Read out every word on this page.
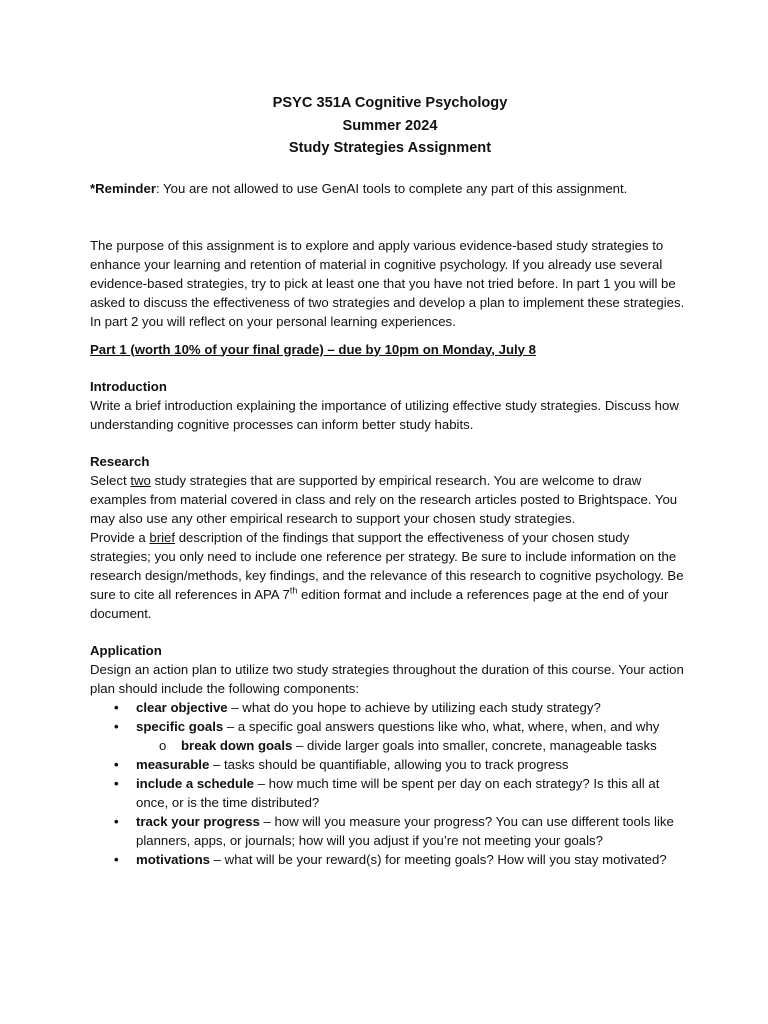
PSYC 351A Cognitive Psychology
Summer 2024
Study Strategies Assignment

*Reminder: You are not allowed to use GenAI tools to complete any part of this assignment.

The purpose of this assignment is to explore and apply various evidence-based study strategies to enhance your learning and retention of material in cognitive psychology. If you already use several evidence-based strategies, try to pick at least one that you have not tried before. In part 1 you will be asked to discuss the effectiveness of two strategies and develop a plan to implement these strategies. In part 2 you will reflect on your personal learning experiences.

Part 1 (worth 10% of your final grade) – due by 10pm on Monday, July 8

Introduction

Write a brief introduction explaining the importance of utilizing effective study strategies. Discuss how understanding cognitive processes can inform better study habits.

Research

Select two study strategies that are supported by empirical research. You are welcome to draw examples from material covered in class and rely on the research articles posted to Brightspace. You may also use any other empirical research to support your chosen study strategies.

Provide a brief description of the findings that support the effectiveness of your chosen study strategies; you only need to include one reference per strategy. Be sure to include information on the research design/methods, key findings, and the relevance of this research to cognitive psychology. Be sure to cite all references in APA 7th edition format and include a references page at the end of your document.

Application

Design an action plan to utilize two study strategies throughout the duration of this course. Your action plan should include the following components:

• clear objective – what do you hope to achieve by utilizing each study strategy?
• specific goals – a specific goal answers questions like who, what, where, when, and why
o break down goals – divide larger goals into smaller, concrete, manageable tasks
• measurable – tasks should be quantifiable, allowing you to track progress
• include a schedule – how much time will be spent per day on each strategy? Is this all at once, or is the time distributed?
• track your progress – how will you measure your progress? You can use different tools like planners, apps, or journals; how will you adjust if you’re not meeting your goals?
• motivations – what will be your reward(s) for meeting goals? How will you stay motivated?
